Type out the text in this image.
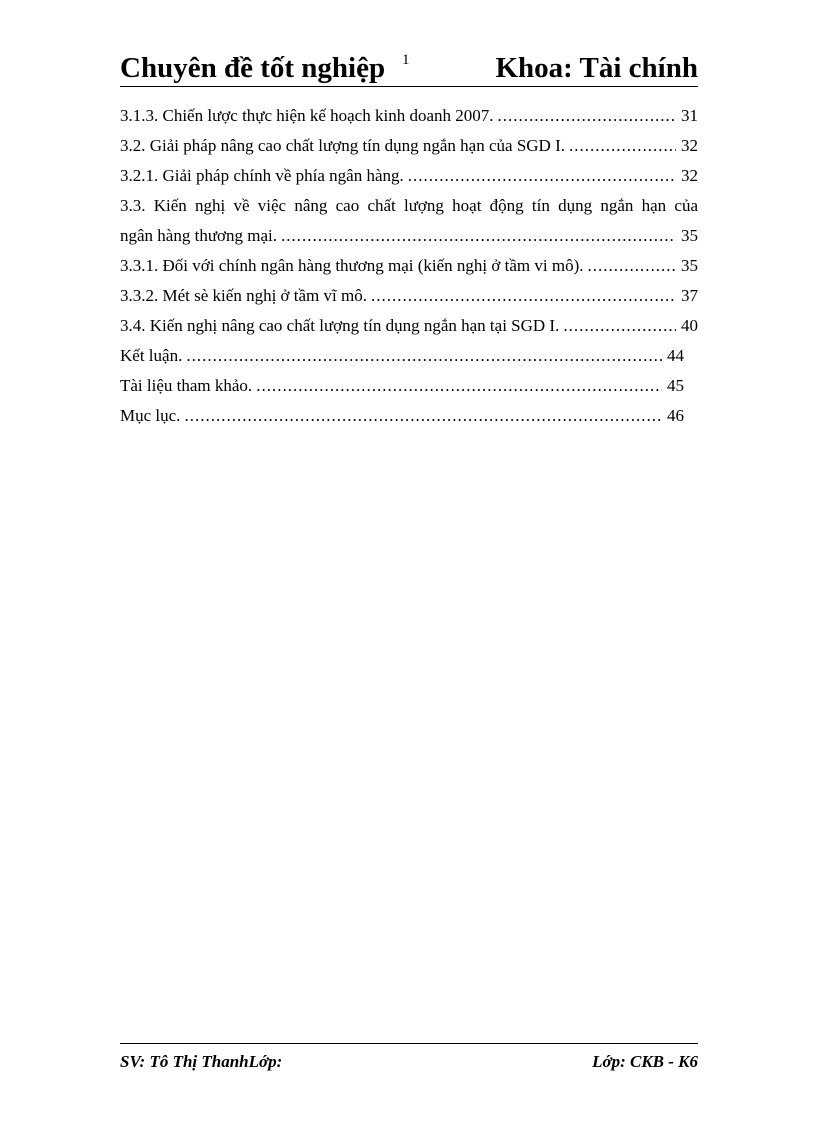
Chuyên đề tốt nghiệp 1	Khoa: Tài chính
3.1.3. Chiến lược thực hiện kế hoạch kinh doanh 2007. .....	31
3.2. Giải pháp nâng cao chất lượng tín dụng ngắn hạn của SGD I. .....	32
3.2.1. Giải pháp chính về phía ngân hàng. .....	32
3.3. Kiến nghị về việc nâng cao chất lượng hoạt động tín dụng ngắn hạn của
ngân hàng thương mại. .....	35
3.3.1. Đối với chính ngân hàng thương mại (kiến nghị ở tầm vi mô). .....	35
3.3.2. Mét sè kiến nghị ở tầm vĩ mô. .....	37
3.4. Kiến nghị nâng cao chất lượng tín dụng ngắn hạn tại SGD I. .....	40
Kết luận. .....	44
Tài liệu tham khảo. .....	45
Mục lục. .....	46
SV: Tô Thị ThanhLớp:	Lớp: CKB - K6
